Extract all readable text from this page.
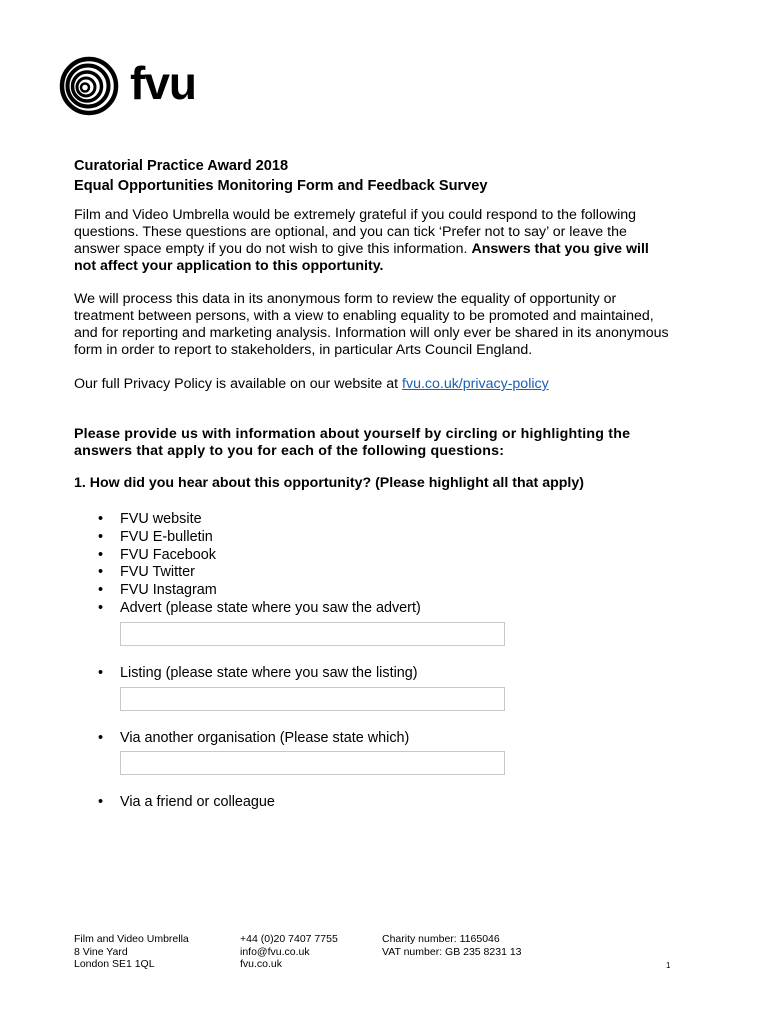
fvu
Curatorial Practice Award 2018
Equal Opportunities Monitoring Form and Feedback Survey

Film and Video Umbrella would be extremely grateful if you could respond to the following questions. These questions are optional, and you can tick ‘Prefer not to say’ or leave the answer space empty if you do not wish to give this information. Answers that you give will not affect your application to this opportunity.

We will process this data in its anonymous form to review the equality of opportunity or treatment between persons, with a view to enabling equality to be promoted and maintained, and for reporting and marketing analysis. Information will only ever be shared in its anonymous form in order to report to stakeholders, in particular Arts Council England.

Our full Privacy Policy is available on our website at fvu.co.uk/privacy-policy

Please provide us with information about yourself by circling or highlighting the answers that apply to you for each of the following questions:

1. How did you hear about this opportunity? (Please highlight all that apply)

• FVU website
• FVU E-bulletin
• FVU Facebook
• FVU Twitter
• FVU Instagram
• Advert (please state where you saw the advert)
• Listing (please state where you saw the listing)
• Via another organisation (Please state which)
• Via a friend or colleague
Film and Video Umbrella
8 Vine Yard
London SE1 1QL
+44 (0)20 7407 7755
info@fvu.co.uk
fvu.co.uk
Charity number: 1165046
VAT number: GB 235 8231 13
1
